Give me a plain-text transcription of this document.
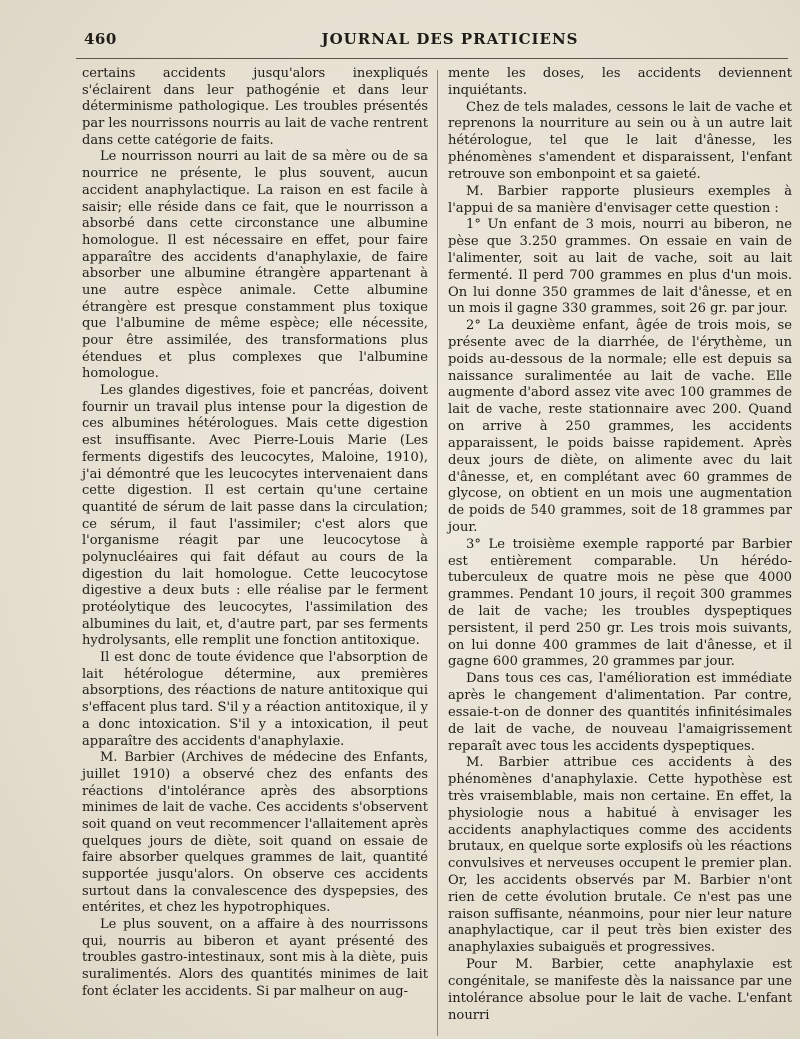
460	JOURNAL DES PRATICIENS

certains accidents jusqu'alors inexpliqués s'éclairent dans leur pathogénie et dans leur déterminisme pathologique. Les troubles présentés par les nourrissons nourris au lait de vache rentrent dans cette catégorie de faits.

Le nourrisson nourri au lait de sa mère ou de sa nourrice ne présente, le plus souvent, aucun accident anaphylactique. La raison en est facile à saisir; elle réside dans ce fait, que le nourrisson a absorbé dans cette circonstance une albumine homologue. Il est nécessaire en effet, pour faire apparaître des accidents d'anaphylaxie, de faire absorber une albumine étrangère appartenant à une autre espèce animale. Cette albumine étrangère est presque constamment plus toxique que l'albumine de même espèce; elle nécessite, pour être assimilée, des transformations plus étendues et plus complexes que l'albumine homologue.

Les glandes digestives, foie et pancréas, doivent fournir un travail plus intense pour la digestion de ces albumines hétérologues. Mais cette digestion est insuffisante. Avec Pierre-Louis Marie (Les ferments digestifs des leucocytes, Maloine, 1910), j'ai démontré que les leucocytes intervenaient dans cette digestion. Il est certain qu'une certaine quantité de sérum de lait passe dans la circulation; ce sérum, il faut l'assimiler; c'est alors que l'organisme réagit par une leucocytose à polynucléaires qui fait défaut au cours de la digestion du lait homologue. Cette leucocytose digestive a deux buts : elle réalise par le ferment protéolytique des leucocytes, l'assimilation des albumines du lait, et, d'autre part, par ses ferments hydrolysants, elle remplit une fonction antitoxique.

Il est donc de toute évidence que l'absorption de lait hétérologue détermine, aux premières absorptions, des réactions de nature antitoxique qui s'effacent plus tard. S'il y a réaction antitoxique, il y a donc intoxication. S'il y a intoxication, il peut apparaître des accidents d'anaphylaxie.

M. Barbier (Archives de médecine des Enfants, juillet 1910) a observé chez des enfants des réactions d'intolérance après des absorptions minimes de lait de vache. Ces accidents s'observent soit quand on veut recommencer l'allaitement après quelques jours de diète, soit quand on essaie de faire absorber quelques grammes de lait, quantité supportée jusqu'alors. On observe ces accidents surtout dans la convalescence des dyspepsies, des entérites, et chez les hypotrophiques.

Le plus souvent, on a affaire à des nourrissons qui, nourris au biberon et ayant présenté des troubles gastro-intestinaux, sont mis à la diète, puis suralimentés. Alors des quantités minimes de lait font éclater les accidents. Si par malheur on aug-

mente les doses, les accidents deviennent inquiétants.

Chez de tels malades, cessons le lait de vache et reprenons la nourriture au sein ou à un autre lait hétérologue, tel que le lait d'ânesse, les phénomènes s'amendent et disparaissent, l'enfant retrouve son embonpoint et sa gaieté.

M. Barbier rapporte plusieurs exemples à l'appui de sa manière d'envisager cette question :

1° Un enfant de 3 mois, nourri au biberon, ne pèse que 3.250 grammes. On essaie en vain de l'alimenter, soit au lait de vache, soit au lait fermenté. Il perd 700 grammes en plus d'un mois. On lui donne 350 grammes de lait d'ânesse, et en un mois il gagne 330 grammes, soit 26 gr. par jour.

2° La deuxième enfant, âgée de trois mois, se présente avec de la diarrhée, de l'érythème, un poids au-dessous de la normale; elle est depuis sa naissance suralimentée au lait de vache. Elle augmente d'abord assez vite avec 100 grammes de lait de vache, reste stationnaire avec 200. Quand on arrive à 250 grammes, les accidents apparaissent, le poids baisse rapidement. Après deux jours de diète, on alimente avec du lait d'ânesse, et, en complétant avec 60 grammes de glycose, on obtient en un mois une augmentation de poids de 540 grammes, soit de 18 grammes par jour.

3° Le troisième exemple rapporté par Barbier est entièrement comparable. Un hérédo-tuberculeux de quatre mois ne pèse que 4000 grammes. Pendant 10 jours, il reçoit 300 grammes de lait de vache; les troubles dyspeptiques persistent, il perd 250 gr. Les trois mois suivants, on lui donne 400 grammes de lait d'ânesse, et il gagne 600 grammes, 20 grammes par jour.

Dans tous ces cas, l'amélioration est immédiate après le changement d'alimentation. Par contre, essaie-t-on de donner des quantités infinitésimales de lait de vache, de nouveau l'amaigrissement reparaît avec tous les accidents dyspeptiques.

M. Barbier attribue ces accidents à des phénomènes d'anaphylaxie. Cette hypothèse est très vraisemblable, mais non certaine. En effet, la physiologie nous a habitué à envisager les accidents anaphylactiques comme des accidents brutaux, en quelque sorte explosifs où les réactions convulsives et nerveuses occupent le premier plan. Or, les accidents observés par M. Barbier n'ont rien de cette évolution brutale. Ce n'est pas une raison suffisante, néanmoins, pour nier leur nature anaphylactique, car il peut très bien exister des anaphylaxies subaiguës et progressives.

Pour M. Barbier, cette anaphylaxie est congénitale, se manifeste dès la naissance par une intolérance absolue pour le lait de vache. L'enfant nourri
